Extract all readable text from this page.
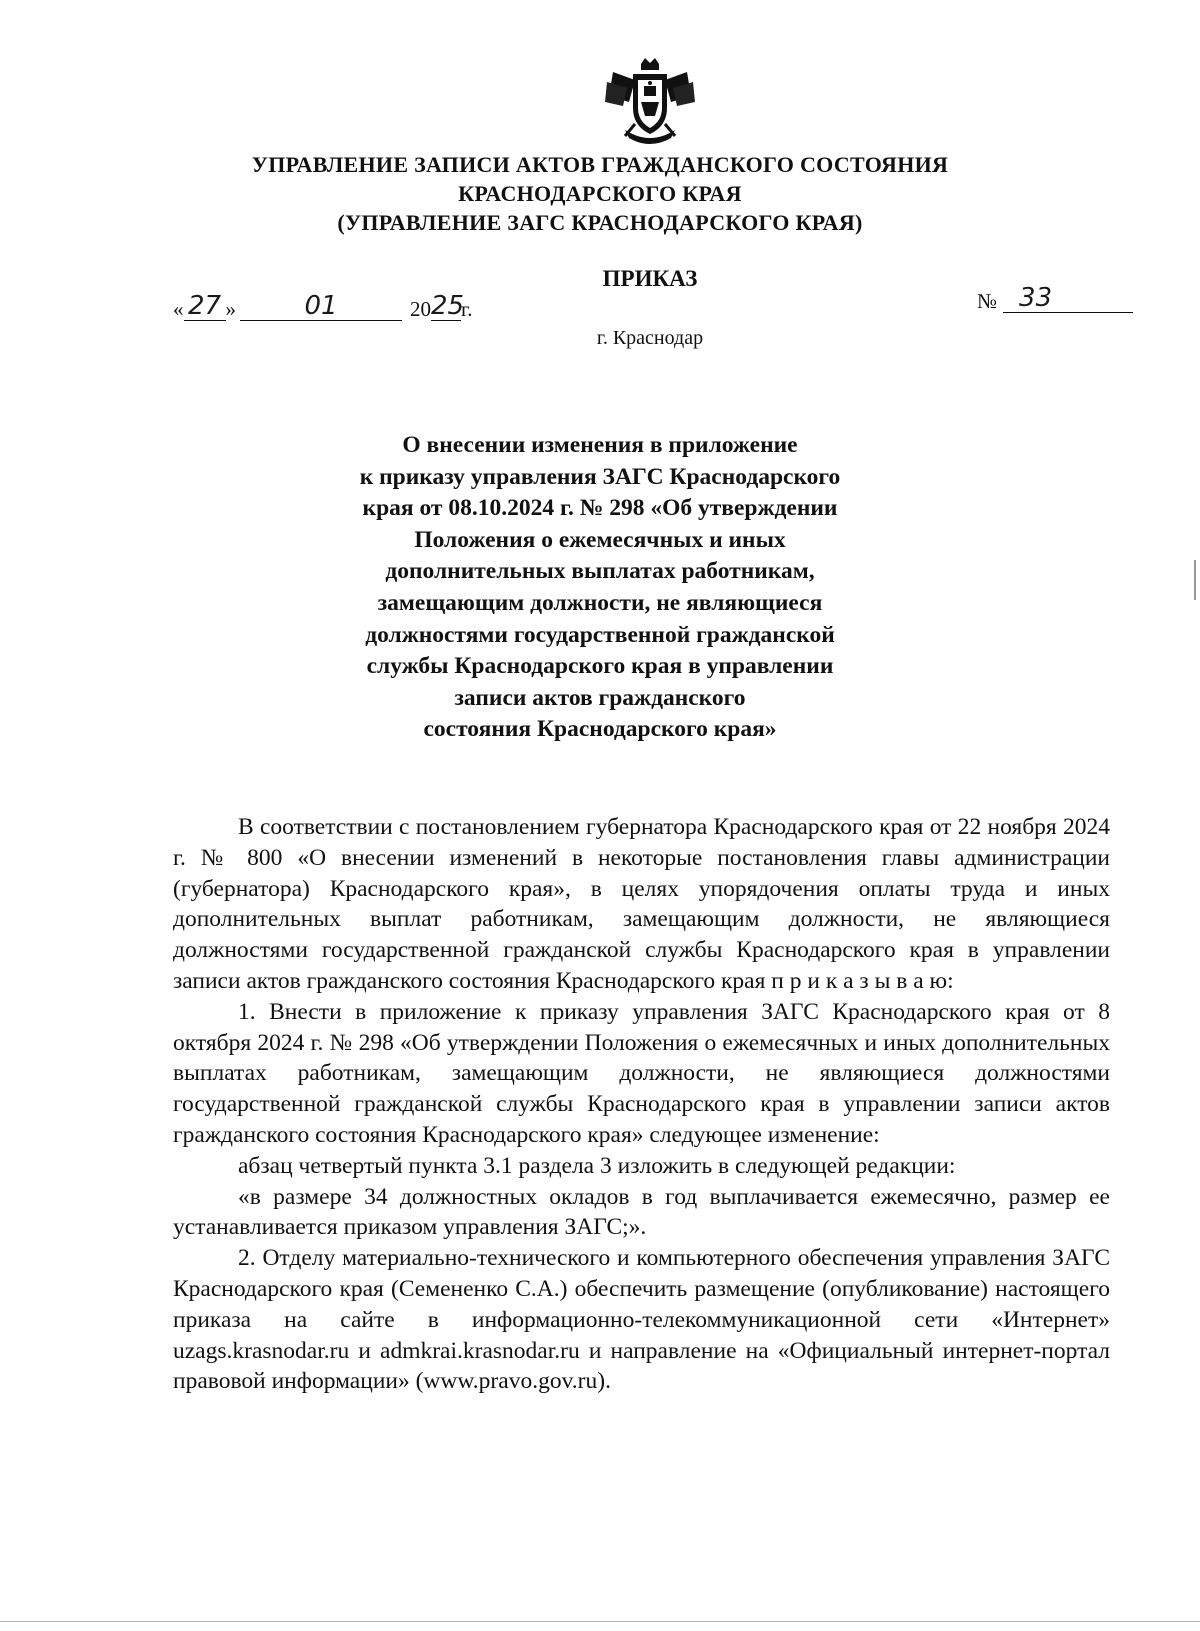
УПРАВЛЕНИЕ ЗАПИСИ АКТОВ ГРАЖДАНСКОГО СОСТОЯНИЯ
КРАСНОДАРСКОГО КРАЯ
(УПРАВЛЕНИЕ ЗАГС КРАСНОДАРСКОГО КРАЯ)
ПРИКАЗ
« 27 »	01	20 25
г.	№ 33
г. Краснодар
О внесении изменения в приложение
к приказу управления ЗАГС Краснодарского
края от 08.10.2024 г. № 298 «Об утверждении
Положения о ежемесячных и иных
дополнительных выплатах работникам,
замещающим должности, не являющиеся
должностями государственной гражданской
службы Краснодарского края в управлении
записи актов гражданского
состояния Краснодарского края»

В соответствии с постановлением губернатора Краснодарского края от 22 ноября 2024 г. № 800 «О внесении изменений в некоторые постановления главы администрации (губернатора) Краснодарского края», в целях упорядочения оплаты труда и иных дополнительных выплат работникам, замещающим должности, не являющиеся должностями государственной гражданской службы Краснодарского края в управлении записи актов гражданского состояния Краснодарского края п р и к а з ы в а ю:

1. Внести в приложение к приказу управления ЗАГС Краснодарского края от 8 октября 2024 г. № 298 «Об утверждении Положения о ежемесячных и иных дополнительных выплатах работникам, замещающим должности, не являющиеся должностями государственной гражданской службы Краснодарского края в управлении записи актов гражданского состояния Краснодарского края» следующее изменение:

абзац четвертый пункта 3.1 раздела 3 изложить в следующей редакции:

«в размере 34 должностных окладов в год выплачивается ежемесячно, размер ее устанавливается приказом управления ЗАГС;».

2. Отделу материально-технического и компьютерного обеспечения управления ЗАГС Краснодарского края (Семененко С.А.) обеспечить размещение (опубликование) настоящего приказа на сайте в информационно-телекоммуникационной сети «Интернет» uzags.krasnodar.ru и admkrai.krasnodar.ru и направление на «Официальный интернет-портал правовой информации» (www.pravo.gov.ru).
